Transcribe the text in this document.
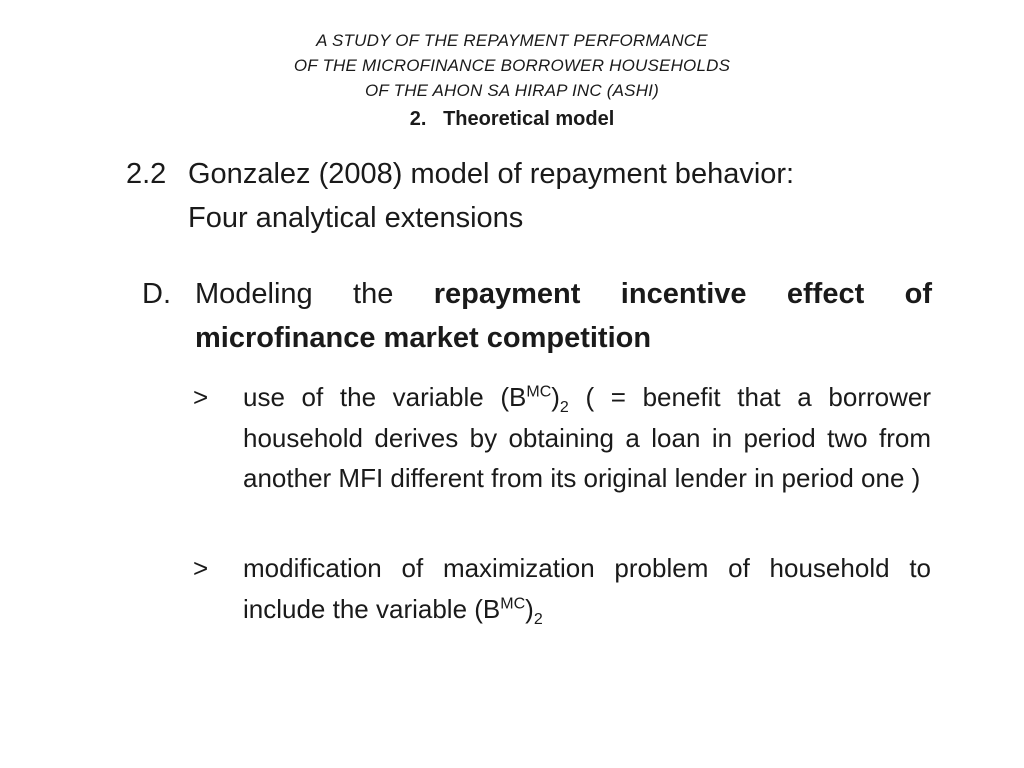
A STUDY OF THE REPAYMENT PERFORMANCE
OF THE MICROFINANCE BORROWER HOUSEHOLDS
OF THE AHON SA HIRAP INC (ASHI)
2. Theoretical model
2.2 Gonzalez (2008) model of repayment behavior:
Four analytical extensions
D. Modeling the repayment incentive effect of microfinance market competition
> use of the variable $(B^{MC})_2$ ( = benefit that a borrower household derives by obtaining a loan in period two from another MFI different from its original lender in period one )
> modification of maximization problem of household to include the variable $(B^{MC})_2$
